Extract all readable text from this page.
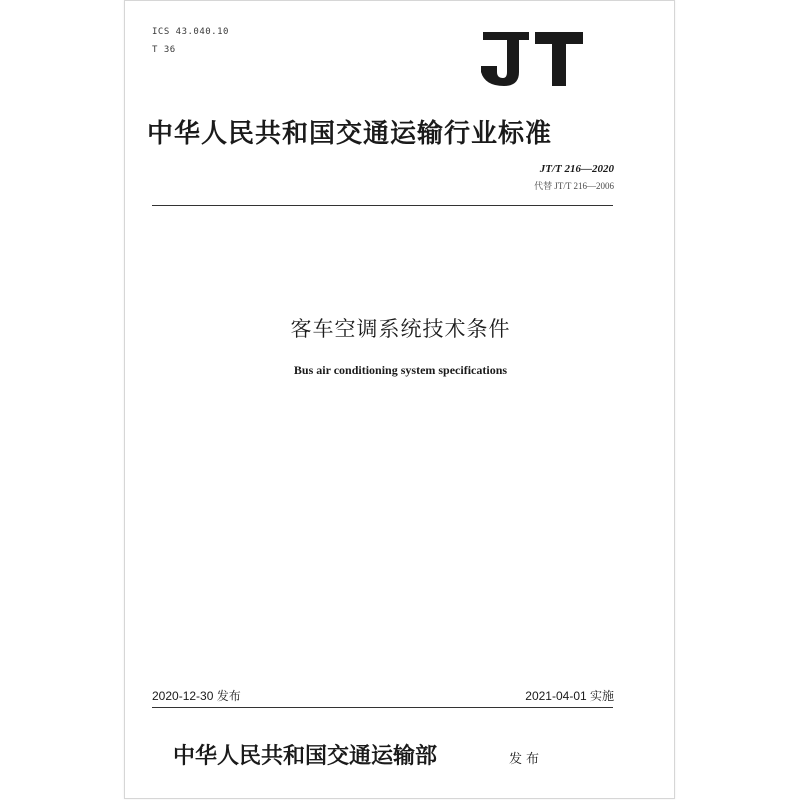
ICS 43.040.10
T 36
中华人民共和国交通运输行业标准
JT/T 216—2020
代替 JT/T 216—2006
客车空调系统技术条件
Bus air conditioning system specifications
2020-12-30 发布	2021-04-01 实施
中华人民共和国交通运输部	发布
